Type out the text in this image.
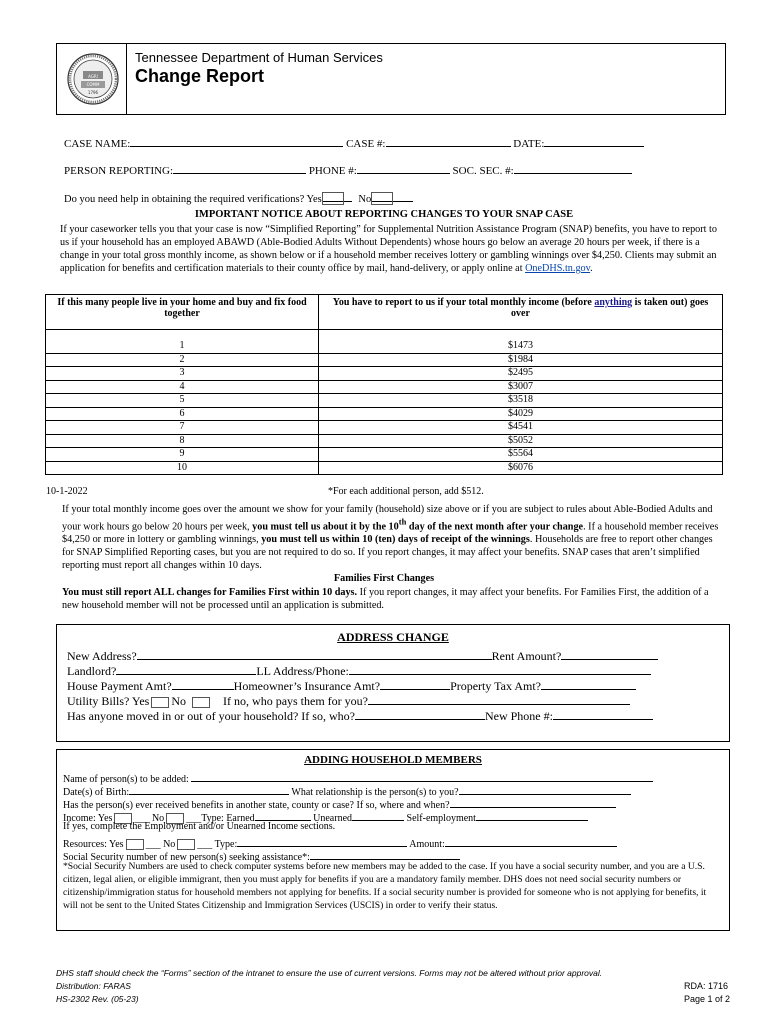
AGRI
COMM
1796
Tennessee Department of Human Services
Change Report
CASE NAME:	CASE #:	DATE:
PERSON REPORTING:	PHONE #:	SOC. SEC. #:
Do you need help in obtaining the required verifications? Yes	No
IMPORTANT NOTICE ABOUT REPORTING CHANGES TO YOUR SNAP CASE
If your caseworker tells you that your case is now “Simplified Reporting” for Supplemental Nutrition Assistance Program (SNAP) benefits, you have to report to us if your household has an employed ABAWD (Able-Bodied Adults Without Dependents) whose hours go below an average 20 hours per week, if there is a change in your total gross monthly income, as shown below or if a household member receives lottery or gambling winnings over $4,250. Clients may submit an application for benefits and certification materials to their county office by mail, hand-delivery, or apply online at OneDHS.tn.gov.
If this many people live in your home and buy and fix food together	You have to report to us if your total monthly income (before anything is taken out) goes over

1	$1473
2	$1984
3	$2495
4	$3007
5	$3518
6	$4029
7	$4541
8	$5052
9	$5564
10	$6076
10-1-2022	*For each additional person, add $512.
If your total monthly income goes over the amount we show for your family (household) size above or if you are subject to rules about Able-Bodied Adults and your work hours go below 20 hours per week, you must tell us about it by the 10th day of the next month after your change. If a household member receives $4,250 or more in lottery or gambling winnings, you must tell us within 10 (ten) days of receipt of the winnings. Households are free to report other changes for SNAP Simplified Reporting cases, but you are not required to do so. If you report changes, it may affect your benefits. SNAP cases that aren’t simplified reporting must report all changes within 10 days.
Families First Changes
You must still report ALL changes for Families First within 10 days. If you report changes, it may affect your benefits. For Families First, the addition of a new household member will not be processed until an application is submitted.
ADDRESS CHANGE
New Address?	Rent Amount?
Landlord?	LL Address/Phone:
House Payment Amt?	Homeowner’s Insurance Amt?	Property Tax Amt?
Utility Bills? Yes No	If no, who pays them for you?
Has anyone moved in or out of your household? If so, who?	New Phone #:
ADDING HOUSEHOLD MEMBERS
Name of person(s) to be added:
Date(s) of Birth:	What relationship is the person(s) to you?
Has the person(s) ever received benefits in another state, county or case? If so, where and when?
Income: Yes ___ No ___Type: Earned	Unearned	Self-employment
If yes, complete the Employment and/or Unearned Income sections.
Resources: Yes ___ No ___ Type:	Amount:
Social Security number of new person(s) seeking assistance*:
*Social Security Numbers are used to check computer systems before new members may be added to the case. If you have a social security number, and you are a U.S. citizen, legal alien, or eligible immigrant, then you must apply for benefits if you are a mandatory family member. DHS does not need social security numbers or citizenship/immigration status for household members not applying for benefits. If a social security number is provided for someone who is not applying for benefits, it will not be sent to the United States Citizenship and Immigration Services (USCIS) in order to verify their status.
DHS staff should check the “Forms” section of the intranet to ensure the use of current versions. Forms may not be altered without prior approval.
Distribution: FARAS
HS-2302 Rev. (05-23)
RDA: 1716
Page 1 of 2
